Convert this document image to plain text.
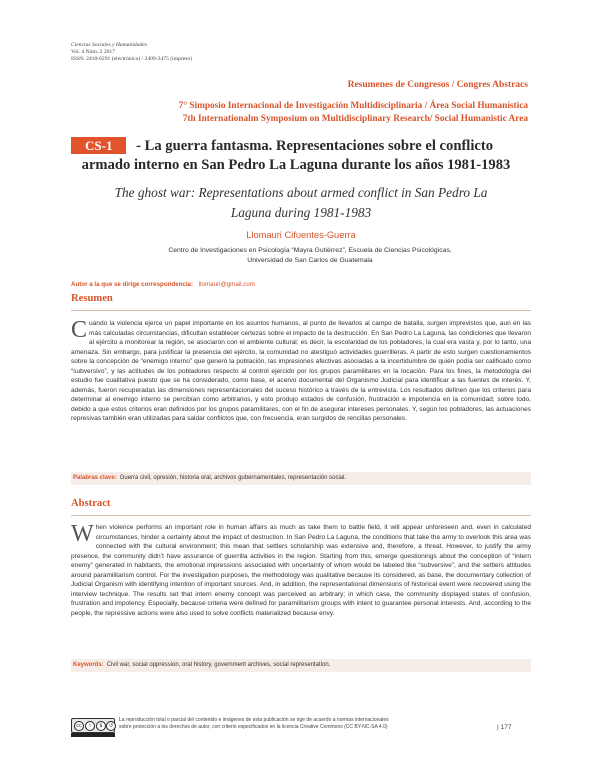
Ciencias Sociales y Humanidades
Vol. 4 Núm. 2 2017
ISSN: 2410-6291 (electrónico) / 2409-3475 (impreso)
Resumenes de Congresos / Congres Abstracs
7° Simposio Internacional de Investigación Multidisciplinaria / Área Social Humanística
7th Internationalm Symposium on Multidisciplinary Research/ Social Humanistic Area
CS-1 - La guerra fantasma. Representaciones sobre el conflicto
armado interno en San Pedro La Laguna durante los años 1981-1983
The ghost war: Representations about armed conflict in San Pedro La
Laguna during 1981-1983
Llomauri Cifuentes-Guerra
Centro de Investigaciones en Psicología “Mayra Gutiérrez”, Escuela de Ciencias Psicológicas,
Universidad de San Carlos de Guatemala
Autor a la que se dirige correspondencia: llomauri@gmail.com
Resumen
Cuando la violencia ejerce un papel importante en los asuntos humanos, al punto de llevarlos al campo de batalla, surgen imprevistos que, aun en las más calculadas circunstancias, dificultan establecer certezas sobre el impacto de la destrucción. En San Pedro La Laguna, las condiciones que llevaron al ejército a monitorear la región, se asociaron con el ambiente cultural; es decir, la escolaridad de los pobladores, la cual era vasta y, por lo tanto, una amenaza. Sin embargo, para justificar la presencia del ejército, la comunidad no atestiguó actividades guerrilleras. A partir de esto surgen cuestionamientos sobre la concepción de “enemigo interno” que generó la población, las impresiones afectivas asociadas a la incertidumbre de quién podía ser calificado como “subversivo”, y las actitudes de los pobladores respecto al control ejercido por los grupos paramilitares en la locación. Para los fines, la metodología del estudio fue cualitativa puesto que se ha considerado, como base, el acervo documental del Organismo Judicial para identificar a las fuentes de interés. Y, además, fueron recuperadas las dimensiones representacionales del suceso histórico a través de la entrevista. Los resultados definen que los criterios para determinar al enemigo interno se percibían como arbitrarios, y esto produjo estados de confusión, frustración e impotencia en la comunidad; sobre todo, debido a que estos criterios eran definidos por los grupos paramilitares, con el fin de asegurar intereses personales. Y, según los pobladores, las actuaciones represivas también eran utilizadas para saldar conflictos que, con frecuencia, eran surgidos de rencillas personales.
Palabras clave: Guerra civil, opresión, historia oral, archivos gubernamentales, representación social.
Abstract
When violence performs an important role in human affairs as much as take them to battle field, it will appear unforeseen and, even in calculated circumstances, hinder a certainty about the impact of destruction. In San Pedro La Laguna, the conditions that take the army to overlook this area was connected with the cultural environment; this mean that settlers scholarship was extensive and, therefore, a threat. However, to justify the army presence, the community didn’t have assurance of guerrilla activities in the region. Starting from this, emerge questionings about the conception of “intern enemy” generated in habitants, the emotional impressions associated with uncertainty of whom would be labeled like “subversive”, and the settlers attitudes around paramilitarism control. For the investigation purposes, the methodology was qualitative because its considered, as base, the documentary collection of Judicial Organism with identifying intention of important sources. And, in addition, the representational dimensions of historical event were recovered using the interview technique. The results set that intern enemy concept was perceived as arbitrary; in which case, the community displayed states of confusion, frustration and impotency. Especially, because criteria were defined for paramilitarism groups with intent to guarantee personal interests. And, according to the people, the repressive actions were also used to solve conflicts materialized because envy.
Keywords: Civil war, social oppression, oral history, government archives, social representation.
cc	i	$	↺
La reproducción total o parcial del contenido e imágenes de esta publicación se rige de acuerdo a normas internacionales
sobre protección a los derechos de autor, con criterio especificados en la licencia Creative Commons (CC BY-NC-SA 4.0)	| 177
